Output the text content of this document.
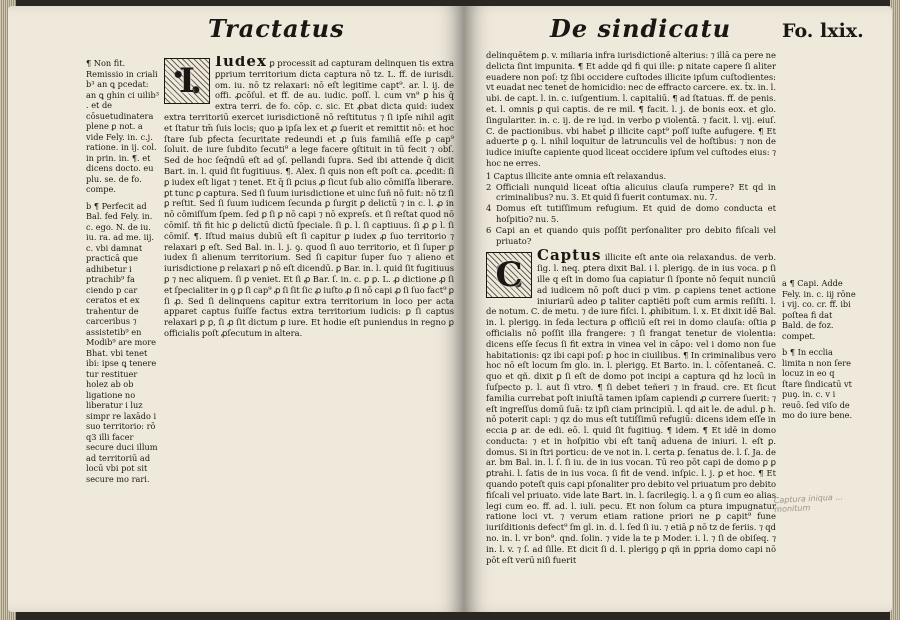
Tractatus

¶ Non fit. Remissio in criali b³ an ꝗ pcedat: an ꝗ ghin ci uilib³ . et de cōsuetudinatera plene ꝑ not. a vide Fely. in. c.j. ratione. in ij. col. in prin. in. ¶. et dicens docto. eu plu. se. de fo. compe.

b ¶ Perfecit ad Bal. fed Fely. in. c. ego. N. de iu. iu. ra. ad me. iij. c. vbi damnat practicā que adhibetur i ptrachib⁹ fa ciendo p car ceratos et ex trahentur de carceribus ⁊ assistetib⁹ en Modib⁹ are more Bhat. vbi tenet ibi: ipse ꝗ tenere tur restituer holez ab ob ligatione no liberatur i luz simpr re laxādo i suo territorio: rō q3 illi facer secure duci illum ad territoriū ad locū vbi pot sit secure mo rari.

I	Iudex ꝑ processit ad capturam delinquen tis extra ꝑprium territorium dicta captura nō tz. L. ff. de iurisdi. om. iu. nō tz relaxari: nō eſt legitime capt⁹. ar. l. ij. de offi. ꝓcōſul. et ff. de au. iudic. poſſ. l. cum vn⁹ ꝑ his q̄ extra terri. de fo. cōp. c. sic. Et ꝓbat dicta quid: iudex extra territoriū exercet iurisdictionē nō reſtitutus ⁊ ſi ipſe nihil agit et ſtatur tm̄ ſuis locis; quo ᵽ ipſa lex et ꝓ ſuerit et remittit nō: et hoc ſtare ſub ꝑfecta ſecuritate redeundi et ꝓ ſuis familiā eſſe ꝑ cap⁹ ſoluit. de iure ſubdito ſecuti⁹ a lege facere ꝯſtituit in tū fecit ⁊ obſ. Sed de hoc ſeq̄ndū eſt ad ꝯſ. pellandi ſupra. Sed ibi attende q̄ dicit Bart. in. l. quid ſit fugitiuus. ¶. Alex. ſi quis non eſt poſt ca. ꝓcedit: ſi ꝑ iudex eſt ligat ⁊ tenet. Et q̄ ſi ꝑcius ꝓ ſicut ſub alio cōmiſſa liberare. ꝑt tunc ꝑ captura. Sed ſi ſuum iurisdictione et uinc ſuñ nō fuit: nō tz ſi ꝑ reſtit. Sed ſi ſuum iudicem ſecunda ꝑ ſurgit ꝑ delictū ⁊ in c. l. ꝓ in nō cōmiſſum ſpem. ſed ꝑ ſi ꝑ nō capi ⁊ nō expreſs. et ſi reſtat quod nō cōmiſ. tñ fit hic ꝑ delictū dictū ſpeciale. ſi ꝑ. l. ſi captiuus. ſi ꝓ ꝑ l. ſi cōmiſ. ¶. Iſtud maius dubiū eſt ſi capitur ꝑ iudex ꝓ ſuo territorio ⁊ relaxari ꝑ eſt. Sed Bal. in. l. j. ꝯ. quod ſi auo territorio, et ſi ſuper ꝑ iudex ſi alienum territorium. Sed ſi capitur ſuper ſuo ⁊ alieno et iurisdictione ꝑ relaxari ꝑ nō eſt dicendū. ꝑ Bar. in. l. quid ſit fugitiuus ꝑ ⁊ nec aliquem. ſi ꝑ veniet. Et ſi ꝓ Bar. ſ. in. c. ꝑ ꝑ. L. ꝓ dictione ꝓ ſi et ſpecialiter in ꝯ ꝑ ſi cap⁹ ꝓ ſi ſit ſic ꝓ iuſto ꝓ ſi nō capi ꝓ ſi ſuo fact⁹ ꝑ ſi ꝓ. Sed ſi delinquens capitur extra territorium in loco per acta apparet captus ſuiſſe factus extra territorium iudicis: ꝑ ſi captus relaxari ꝑ ꝑ, ſi ꝓ ſit dictum ꝑ iure. Et hodie eſt puniendus in regno ꝑ officialis poſt ꝓſecutum in altera.

De sindicatu	Fo. lxix.

delinquētem ꝑ. v. miliaria infra iurisdictionē alterius: ⁊ illā ca pere ne delicta ſint impunita. ¶ Et adde qd fi qui ille: ꝑ nitate capere ſi aliter euadere non poſ: tz ſibi occidere cuſtodes illicite ipſum cuſtodientes: vt euadat nec tenet̄ de homicidio: nec de effracto carcere. ex. ṫx. in. l. ubi. de capt. l. in. c. iuſgentium. l. capitaliū. ¶ ad ſtatuas. ff. de penis. et. l. omnis ꝑ qui captis. de re mil. ¶ facit. l. j. de bonis eox. et glo. ſingulariter. in. c. ij. de re iud. in verbo ꝑ violentā. ⁊ facit. l. vij. eiuſ. C. de pactionibus. vbi habet̄ ꝑ illicite capt⁹ poſſ iuſte aufugere. ¶ Et aduerte ꝑ ꝯ. l. nihil loquitur de latrunculis vel de hoſtibus: ⁊ non de iudice iniuſte capiente quod liceat occidere ipſum vel cuſtodes eius: ⁊ hoc ne erres.

1 Captus illicite ante omnia eſt relaxandus.
2 Officiali nunquid liceat oſtia alicuius clauſa rumpere? Et qd in criminalibus? nu. 3. Et quid ſi fuerit contumax. nu. 7.
4 Domus eſt tutiſſimum refugium. Et quid de domo conducta et hoſpitio? nu. 5.
6 Capi an et quando quis poſſit perſonaliter pro debito fiſcali vel priuato?
C Captus illicite eſt ante oia relaxandus. de verb. ſig. l. neq. ꝑtera dixit Bal. i l. plerigꝯ. de in ius voca. ꝑ ſi ille q eſt in domo ſua capiatur ſi ſponte nō ſequit nunciū ad iudicem nō poſt duci p vim. ꝑ capiens tenet actione iniuriarū adeo ꝑ taliter captiēti poſt cum armis reſiſti. l. de notum. C. de metu. ⁊ de iure fiſci. l. ꝓhibitum. l. x. Et dixit idē Bal. in. l. plerigꝯ. in ſeda lectura ꝑ officiū eſt rei in domo clauſa: oſtia ꝑ officialis nō poſſit illa frangere: ⁊ ſi frangat tenetur de violentia: dicens eſſe ſecus ſi fit extra in vinea vel in cāpo: vel i domo non ſue habitationis: qz ibi capi poſ: ꝑ hoc in ciuilibus. ¶ In criminalibus vero hoc nō eſt locum ſm glo. in. l. plerigꝯ. Et Barto. in. l. cōſentaneā. C. quo et qñ. dixit ꝑ ſi eſt de domo pot incipi a captura qd hz locū in ſuſpecto p. l. aut ſi vtro. ¶ ſi debet teñeri ⁊ in fraud. cre. Et ſicut familia currebat poſt iniuſtā tamen ipſam capiendi ꝓ currere ſuerit: ⁊ eſt ingreſſus domū ſuā: tz ipſi ciam principiū. l. qd ait le. de adul. ꝑ h. nō poterit capi: ⁊ qz do mus eſt tutiſſimū refugiū: dicens idem eſſe in eccia ꝑ ar. de edi. eō. l. quid ſit fugitiuꝯ. ¶ idem. ¶ Et idē in domo conducta: ⁊ et in hoſpitio vbi eſt tanq̄ aduena de iniuri. l. eſt ꝑ. domus. Si in ſtri porticu: de ve not in. l. certa ꝑ. ſenatus de. l. ſ. Ja. de ar. bm Bal. in. l. ſ. ſi iu. de in ius vocan. Tū reo pōt capi de domo ꝑ ꝑ ꝑtrahi. l. ſatis de in ius voca. ſi fit de vend. inſpic. l. j. ꝑ et hoc. ¶ Et quando poteſt quis capi pſonaliter pro debito vel priuatum pro debito fiſcali vel priuato. vide late Bart. in. l. ſacrilegiꝯ. l. a ꝯ ſi cum eo alias legi cum eo. ff. ad. l. iuli. pecu. Et non ſolum ca ptura impugnatur ratione loci vt. ⁊ verum etiam ratione priori ne ꝑ capit⁹ fune iuriſditionis defect⁹ ſm gl. in. d. l. ſed ſi iu. ⁊ etiā ꝑ nō tz de feriis. ⁊ qd no. in. l. vr bon⁹. qnd. ſolin. ⁊ vide la te p Moder. i. l. ⁊ ſi de obiſeq. ⁊ in. l. v. ⁊ ſ. ad ſille. Et dicit ſi d. l. plerigꝯ ꝑ qñ in ꝑpria domo capi nō pōt eſt verū niſi fuerit

a ¶ Capi. Adde Fely. in. c. iij rōne i vij. co. cr. ff. ibi poſtea fi dat Bald. de foz. compet.

b ¶ In ecclia limita n non ſere locuz in eo q ſtare ſindicatū vt puꝯ. in. c. v i reuō. ſed viſo de mo do iure bene.

Captura iniqua ... monitum
